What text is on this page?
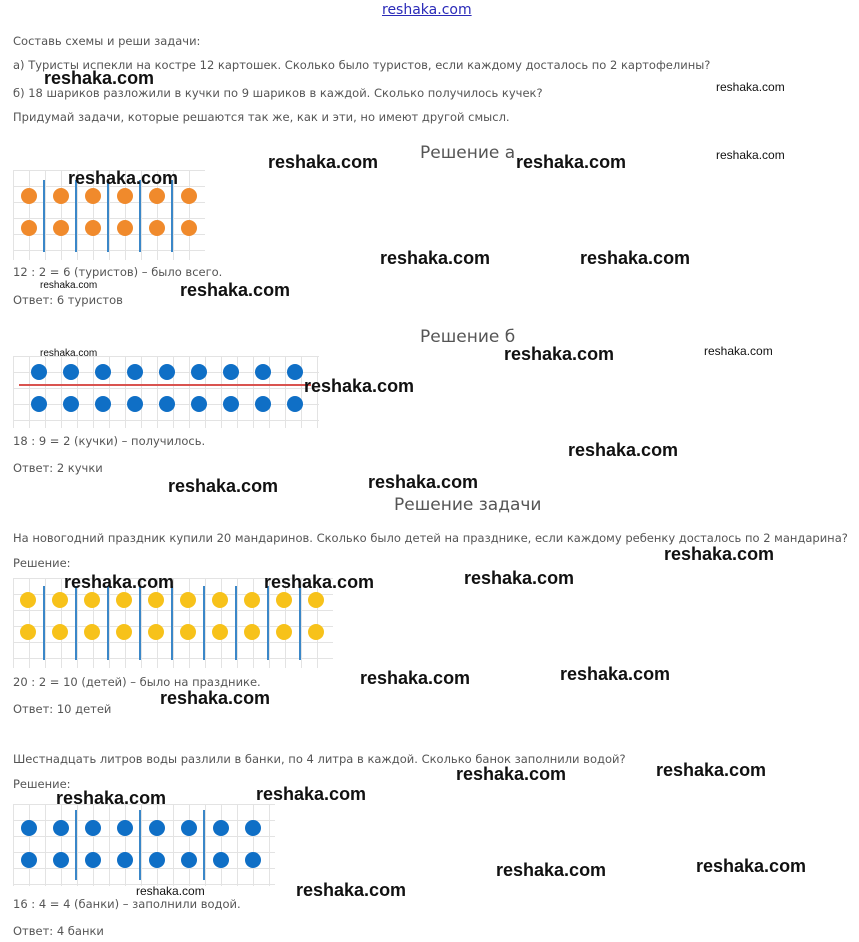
reshaka.com
Составь схемы и реши задачи:
а) Туристы испекли на костре 12 картошек. Сколько было туристов, если каждому досталось по 2 картофелины?
б) 18 шариков разложили в кучки по 9 шариков в каждой. Сколько получилось кучек?
Придумай задачи, которые решаются так же, как и эти, но имеют другой смысл.
Решение а
12 : 2 = 6 (туристов) – было всего.
Ответ: 6 туристов
Решение б
18 : 9 = 2 (кучки) – получилось.
Ответ: 2 кучки
Решение задачи
На новогодний праздник купили 20 мандаринов. Сколько было детей на празднике, если каждому ребенку досталось по 2 мандарина?
Решение:
20 : 2 = 10 (детей) – было на празднике.
Ответ: 10 детей
Шестнадцать литров воды разлили в банки, по 4 литра в каждой. Сколько банок заполнили водой?
Решение:
16 : 4 = 4 (банки) – заполнили водой.
Ответ: 4 банки
reshaka.com	reshaka.com
reshaka.com	reshaka.com	reshaka.com
reshaka.com
reshaka.com	reshaka.com
reshaka.com	reshaka.com
reshaka.com	reshaka.com	reshaka.com
reshaka.com
reshaka.com
reshaka.com
reshaka.com
reshaka.com
reshaka.com	reshaka.com	reshaka.com
reshaka.com
reshaka.com
reshaka.com
reshaka.com
reshaka.com
reshaka.com
reshaka.com
reshaka.com
reshaka.com
reshaka.com
reshaka.com
